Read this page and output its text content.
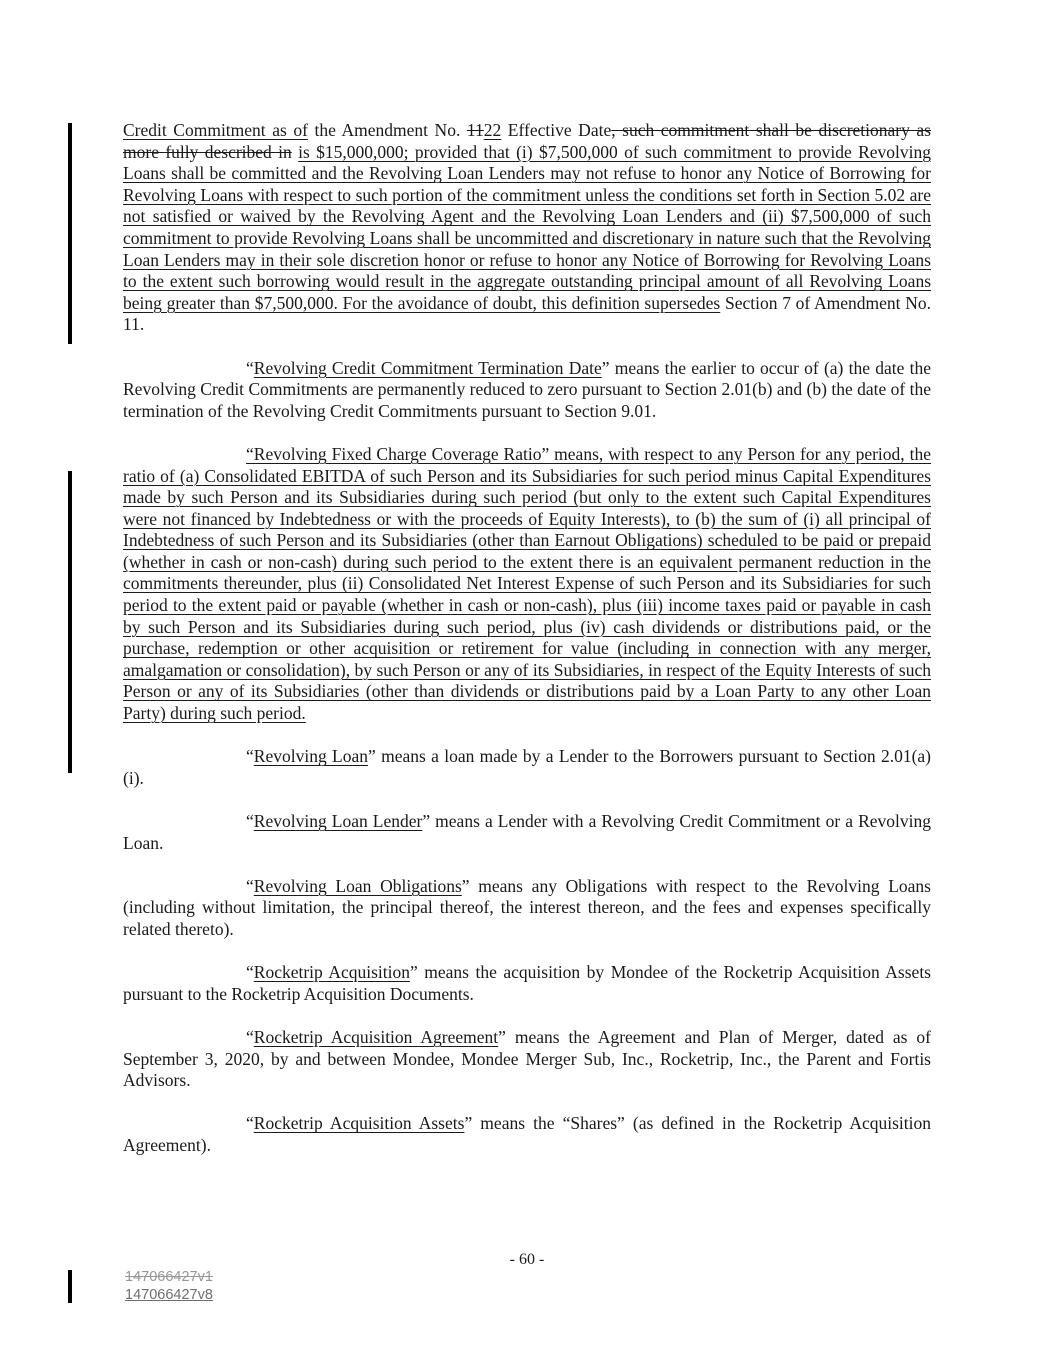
Credit Commitment as of the Amendment No. 1122 Effective Date, such commitment shall be discretionary as more fully described in is $15,000,000; provided that (i) $7,500,000 of such commitment to provide Revolving Loans shall be committed and the Revolving Loan Lenders may not refuse to honor any Notice of Borrowing for Revolving Loans with respect to such portion of the commitment unless the conditions set forth in Section 5.02 are not satisfied or waived by the Revolving Agent and the Revolving Loan Lenders and (ii) $7,500,000 of such commitment to provide Revolving Loans shall be uncommitted and discretionary in nature such that the Revolving Loan Lenders may in their sole discretion honor or refuse to honor any Notice of Borrowing for Revolving Loans to the extent such borrowing would result in the aggregate outstanding principal amount of all Revolving Loans being greater than $7,500,000. For the avoidance of doubt, this definition supersedes Section 7 of Amendment No. 11.

“Revolving Credit Commitment Termination Date” means the earlier to occur of (a) the date the Revolving Credit Commitments are permanently reduced to zero pursuant to Section 2.01(b) and (b) the date of the termination of the Revolving Credit Commitments pursuant to Section 9.01.

“Revolving Fixed Charge Coverage Ratio” means, with respect to any Person for any period, the ratio of (a) Consolidated EBITDA of such Person and its Subsidiaries for such period minus Capital Expenditures made by such Person and its Subsidiaries during such period (but only to the extent such Capital Expenditures were not financed by Indebtedness or with the proceeds of Equity Interests), to (b) the sum of (i) all principal of Indebtedness of such Person and its Subsidiaries (other than Earnout Obligations) scheduled to be paid or prepaid (whether in cash or non-cash) during such period to the extent there is an equivalent permanent reduction in the commitments thereunder, plus (ii) Consolidated Net Interest Expense of such Person and its Subsidiaries for such period to the extent paid or payable (whether in cash or non-cash), plus (iii) income taxes paid or payable in cash by such Person and its Subsidiaries during such period, plus (iv) cash dividends or distributions paid, or the purchase, redemption or other acquisition or retirement for value (including in connection with any merger, amalgamation or consolidation), by such Person or any of its Subsidiaries, in respect of the Equity Interests of such Person or any of its Subsidiaries (other than dividends or distributions paid by a Loan Party to any other Loan Party) during such period.

“Revolving Loan” means a loan made by a Lender to the Borrowers pursuant to Section 2.01(a)(i).

“Revolving Loan Lender” means a Lender with a Revolving Credit Commitment or a Revolving Loan.

“Revolving Loan Obligations” means any Obligations with respect to the Revolving Loans (including without limitation, the principal thereof, the interest thereon, and the fees and expenses specifically related thereto).

“Rocketrip Acquisition” means the acquisition by Mondee of the Rocketrip Acquisition Assets pursuant to the Rocketrip Acquisition Documents.

“Rocketrip Acquisition Agreement” means the Agreement and Plan of Merger, dated as of September 3, 2020, by and between Mondee, Mondee Merger Sub, Inc., Rocketrip, Inc., the Parent and Fortis Advisors.

“Rocketrip Acquisition Assets” means the “Shares” (as defined in the Rocketrip Acquisition Agreement).

- 60 -
147066427v1
147066427v8
